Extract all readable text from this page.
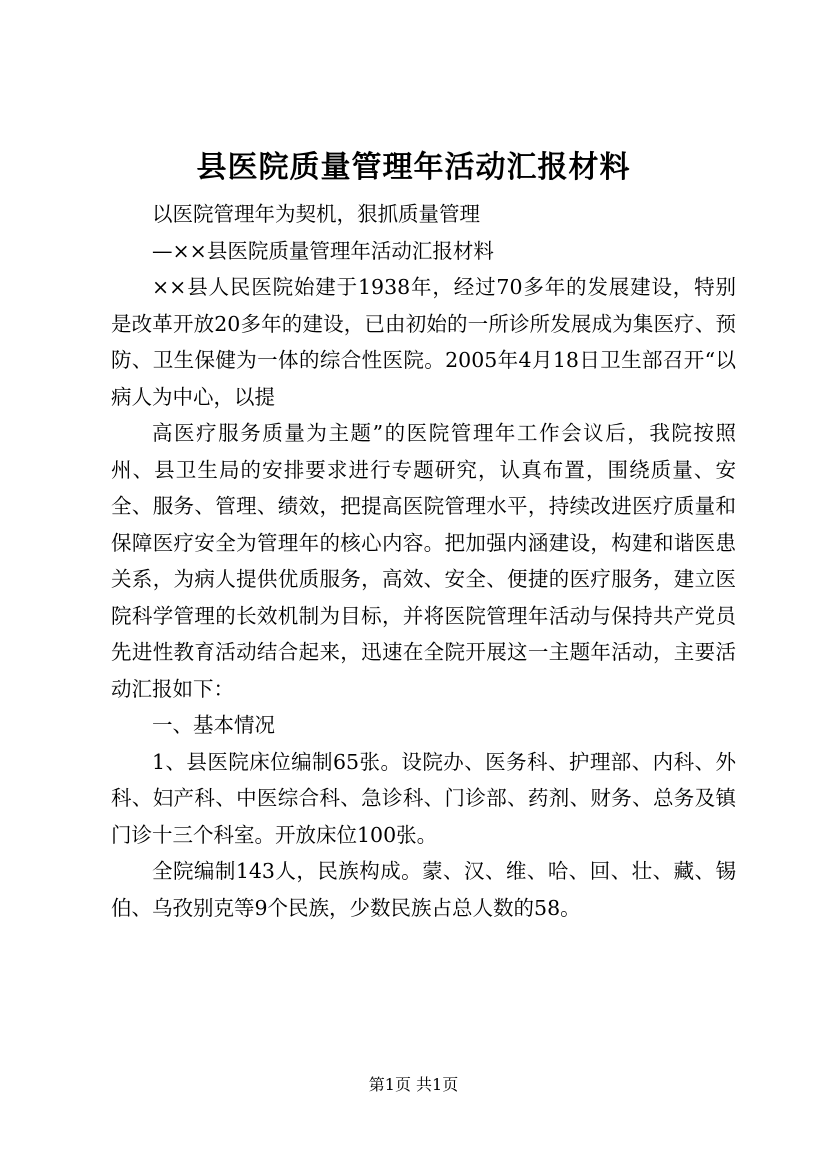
县医院质量管理年活动汇报材料

以医院管理年为契机，狠抓质量管理

—××县医院质量管理年活动汇报材料

××县人民医院始建于1938年，经过70多年的发展建设，特别是改革开放20多年的建设，已由初始的一所诊所发展成为集医疗、预防、卫生保健为一体的综合性医院。2005年4月18日卫生部召开“以病人为中心，以提

高医疗服务质量为主题”的医院管理年工作会议后，我院按照州、县卫生局的安排要求进行专题研究，认真布置，围绕质量、安全、服务、管理、绩效，把提高医院管理水平，持续改进医疗质量和保障医疗安全为管理年的核心内容。把加强内涵建设，构建和谐医患关系，为病人提供优质服务，高效、安全、便捷的医疗服务，建立医院科学管理的长效机制为目标，并将医院管理年活动与保持共产党员先进性教育活动结合起来，迅速在全院开展这一主题年活动，主要活动汇报如下：

一、基本情况

1、县医院床位编制65张。设院办、医务科、护理部、内科、外科、妇产科、中医综合科、急诊科、门诊部、药剂、财务、总务及镇门诊十三个科室。开放床位100张。

全院编制143人，民族构成。蒙、汉、维、哈、回、壮、藏、锡伯、乌孜别克等9个民族，少数民族占总人数的58。

第1页 共1页
